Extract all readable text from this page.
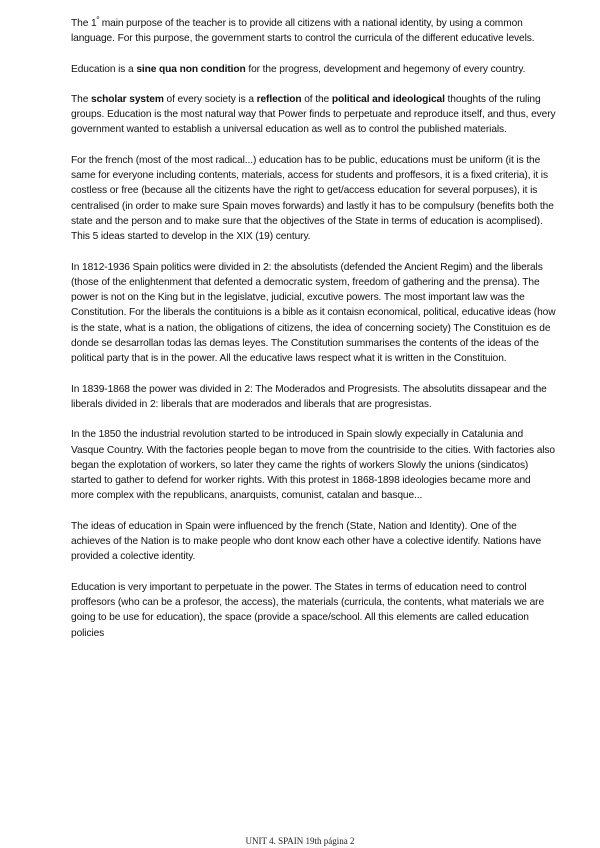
The $1^º$ main purpose of the teacher is to provide all citizens with a national identity, by using a common language. For this purpose, the government starts to control the curricula of the different educative levels.

Education is a sine qua non condition for the progress, development and hegemony of every country.

The scholar system of every society is a reflection of the political and ideological thoughts of the ruling groups. Education is the most natural way that Power finds to perpetuate and reproduce itself, and thus, every government wanted to establish a universal education as well as to control the published materials.

For the french (most of the most radical...) education has to be public, educations must be uniform (it is the same for everyone including contents, materials, access for students and proffesors, it is a fixed criteria), it is costless or free (because all the citizents have the right to get/access education for several porpuses), it is centralised (in order to make sure Spain moves forwards) and lastly it has to be compulsury (benefits both the state and the person and to make sure that the objectives of the State in terms of education is acomplised). This 5 ideas started to develop in the XIX (19) century.

In 1812-1936 Spain politics were divided in 2: the absolutists (defended the Ancient Regim) and the liberals (those of the enlightenment that defented a democratic system, freedom of gathering and the prensa). The power is not on the King but in the legislatve, judicial, excutive powers. The most important law was the Constitution. For the liberals the contituions is a bible as it contaisn economical, political, educative ideas (how is the state, what is a nation, the obligations of citizens, the idea of concerning society) The Constituion es de donde se desarrollan todas las demas leyes. The Constitution summarises the contents of the ideas of the political party that is in the power. All the educative laws respect what it is written in the Constituion.

In 1839-1868 the power was divided in 2: The Moderados and Progresists. The absolutits dissapear and the liberals divided in 2: liberals that are moderados and liberals that are progresistas.

In the 1850 the industrial revolution started to be introduced in Spain slowly expecially in Catalunia and Vasque Country. With the factories people began to move from the countriside to the cities. With factories also began the explotation of workers, so later they came the rights of workers Slowly the unions (sindicatos) started to gather to defend for worker rights. With this protest in 1868-1898 ideologies became more and more complex with the republicans, anarquists, comunist, catalan and basque...

The ideas of education in Spain were influenced by the french (State, Nation and Identity). One of the achieves of the Nation is to make people who dont know each other have a colective identify. Nations have provided a colective identity.

Education is very important to perpetuate in the power. The States in terms of education need to control proffesors (who can be a profesor, the access), the materials (curricula, the contents, what materials we are going to be use for education), the space (provide a space/school. All this elements are called education policies

UNIT 4. SPAIN 19th página 2
